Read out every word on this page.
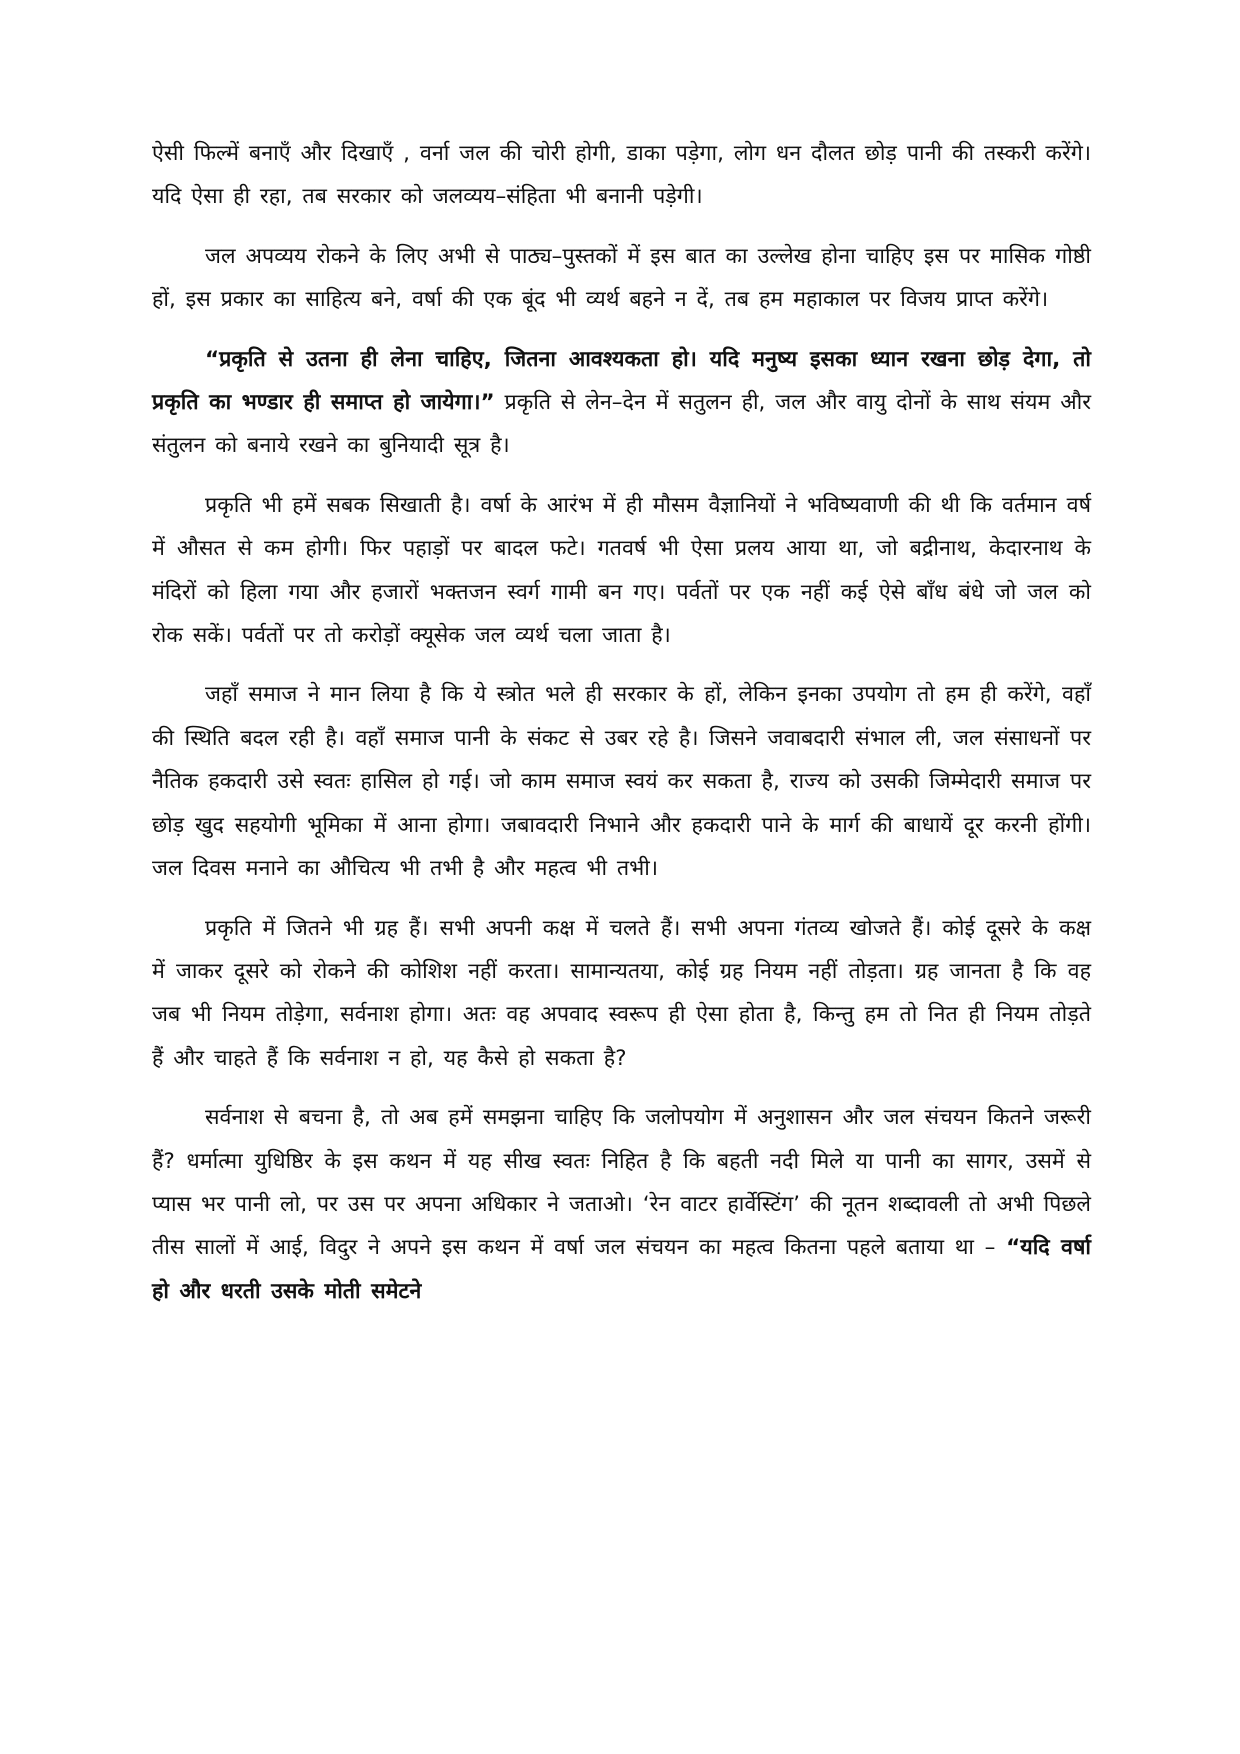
ऐसी फिल्में बनाएँ और दिखाएँ , वर्ना जल की चोरी होगी, डाका पड़ेगा, लोग धन दौलत छोड़ पानी की तस्करी करेंगे। यदि ऐसा ही रहा, तब सरकार को जलव्यय–संहिता भी बनानी पड़ेगी।

जल अपव्यय रोकने के लिए अभी से पाठ्य–पुस्तकों में इस बात का उल्लेख होना चाहिए इस पर मासिक गोष्ठी हों, इस प्रकार का साहित्य बने, वर्षा की एक बूंद भी व्यर्थ बहने न दें, तब हम महाकाल पर विजय प्राप्त करेंगे।

“प्रकृति से उतना ही लेना चाहिए, जितना आवश्यकता हो। यदि मनुष्य इसका ध्यान रखना छोड़ देगा, तो प्रकृति का भण्डार ही समाप्त हो जायेगा।” प्रकृति से लेन–देन में सतुलन ही, जल और वायु दोनों के साथ संयम और संतुलन को बनाये रखने का बुनियादी सूत्र है।

प्रकृति भी हमें सबक सिखाती है। वर्षा के आरंभ में ही मौसम वैज्ञानियों ने भविष्यवाणी की थी कि वर्तमान वर्ष में औसत से कम होगी। फिर पहाड़ों पर बादल फटे। गतवर्ष भी ऐसा प्रलय आया था, जो बद्रीनाथ, केदारनाथ के मंदिरों को हिला गया और हजारों भक्तजन स्वर्ग गामी बन गए। पर्वतों पर एक नहीं कई ऐसे बाँध बंधे जो जल को रोक सकें। पर्वतों पर तो करोड़ों क्यूसेक जल व्यर्थ चला जाता है।

जहाँ समाज ने मान लिया है कि ये स्त्रोत भले ही सरकार के हों, लेकिन इनका उपयोग तो हम ही करेंगे, वहाँ की स्थिति बदल रही है। वहाँ समाज पानी के संकट से उबर रहे है। जिसने जवाबदारी संभाल ली, जल संसाधनों पर नैतिक हकदारी उसे स्वतः हासिल हो गई। जो काम समाज स्वयं कर सकता है, राज्य को उसकी जिम्मेदारी समाज पर छोड़ खुद सहयोगी भूमिका में आना होगा। जबावदारी निभाने और हकदारी पाने के मार्ग की बाधायें दूर करनी होंगी। जल दिवस मनाने का औचित्य भी तभी है और महत्व भी तभी।

प्रकृति में जितने भी ग्रह हैं। सभी अपनी कक्ष में चलते हैं। सभी अपना गंतव्य खोजते हैं। कोई दूसरे के कक्ष में जाकर दूसरे को रोकने की कोशिश नहीं करता। सामान्यतया, कोई ग्रह नियम नहीं तोड़ता। ग्रह जानता है कि वह जब भी नियम तोड़ेगा, सर्वनाश होगा। अतः वह अपवाद स्वरूप ही ऐसा होता है, किन्तु हम तो नित ही नियम तोड़ते हैं और चाहते हैं कि सर्वनाश न हो, यह कैसे हो सकता है?

सर्वनाश से बचना है, तो अब हमें समझना चाहिए कि जलोपयोग में अनुशासन और जल संचयन कितने जरूरी हैं? धर्मात्मा युधिष्ठिर के इस कथन में यह सीख स्वतः निहित है कि बहती नदी मिले या पानी का सागर, उसमें से प्यास भर पानी लो, पर उस पर अपना अधिकार ने जताओ। ‘रेन वाटर हार्वेस्टिंग’ की नूतन शब्दावली तो अभी पिछले तीस सालों में आई, विदुर ने अपने इस कथन में वर्षा जल संचयन का महत्व कितना पहले बताया था – “यदि वर्षा हो और धरती उसके मोती समेटने
